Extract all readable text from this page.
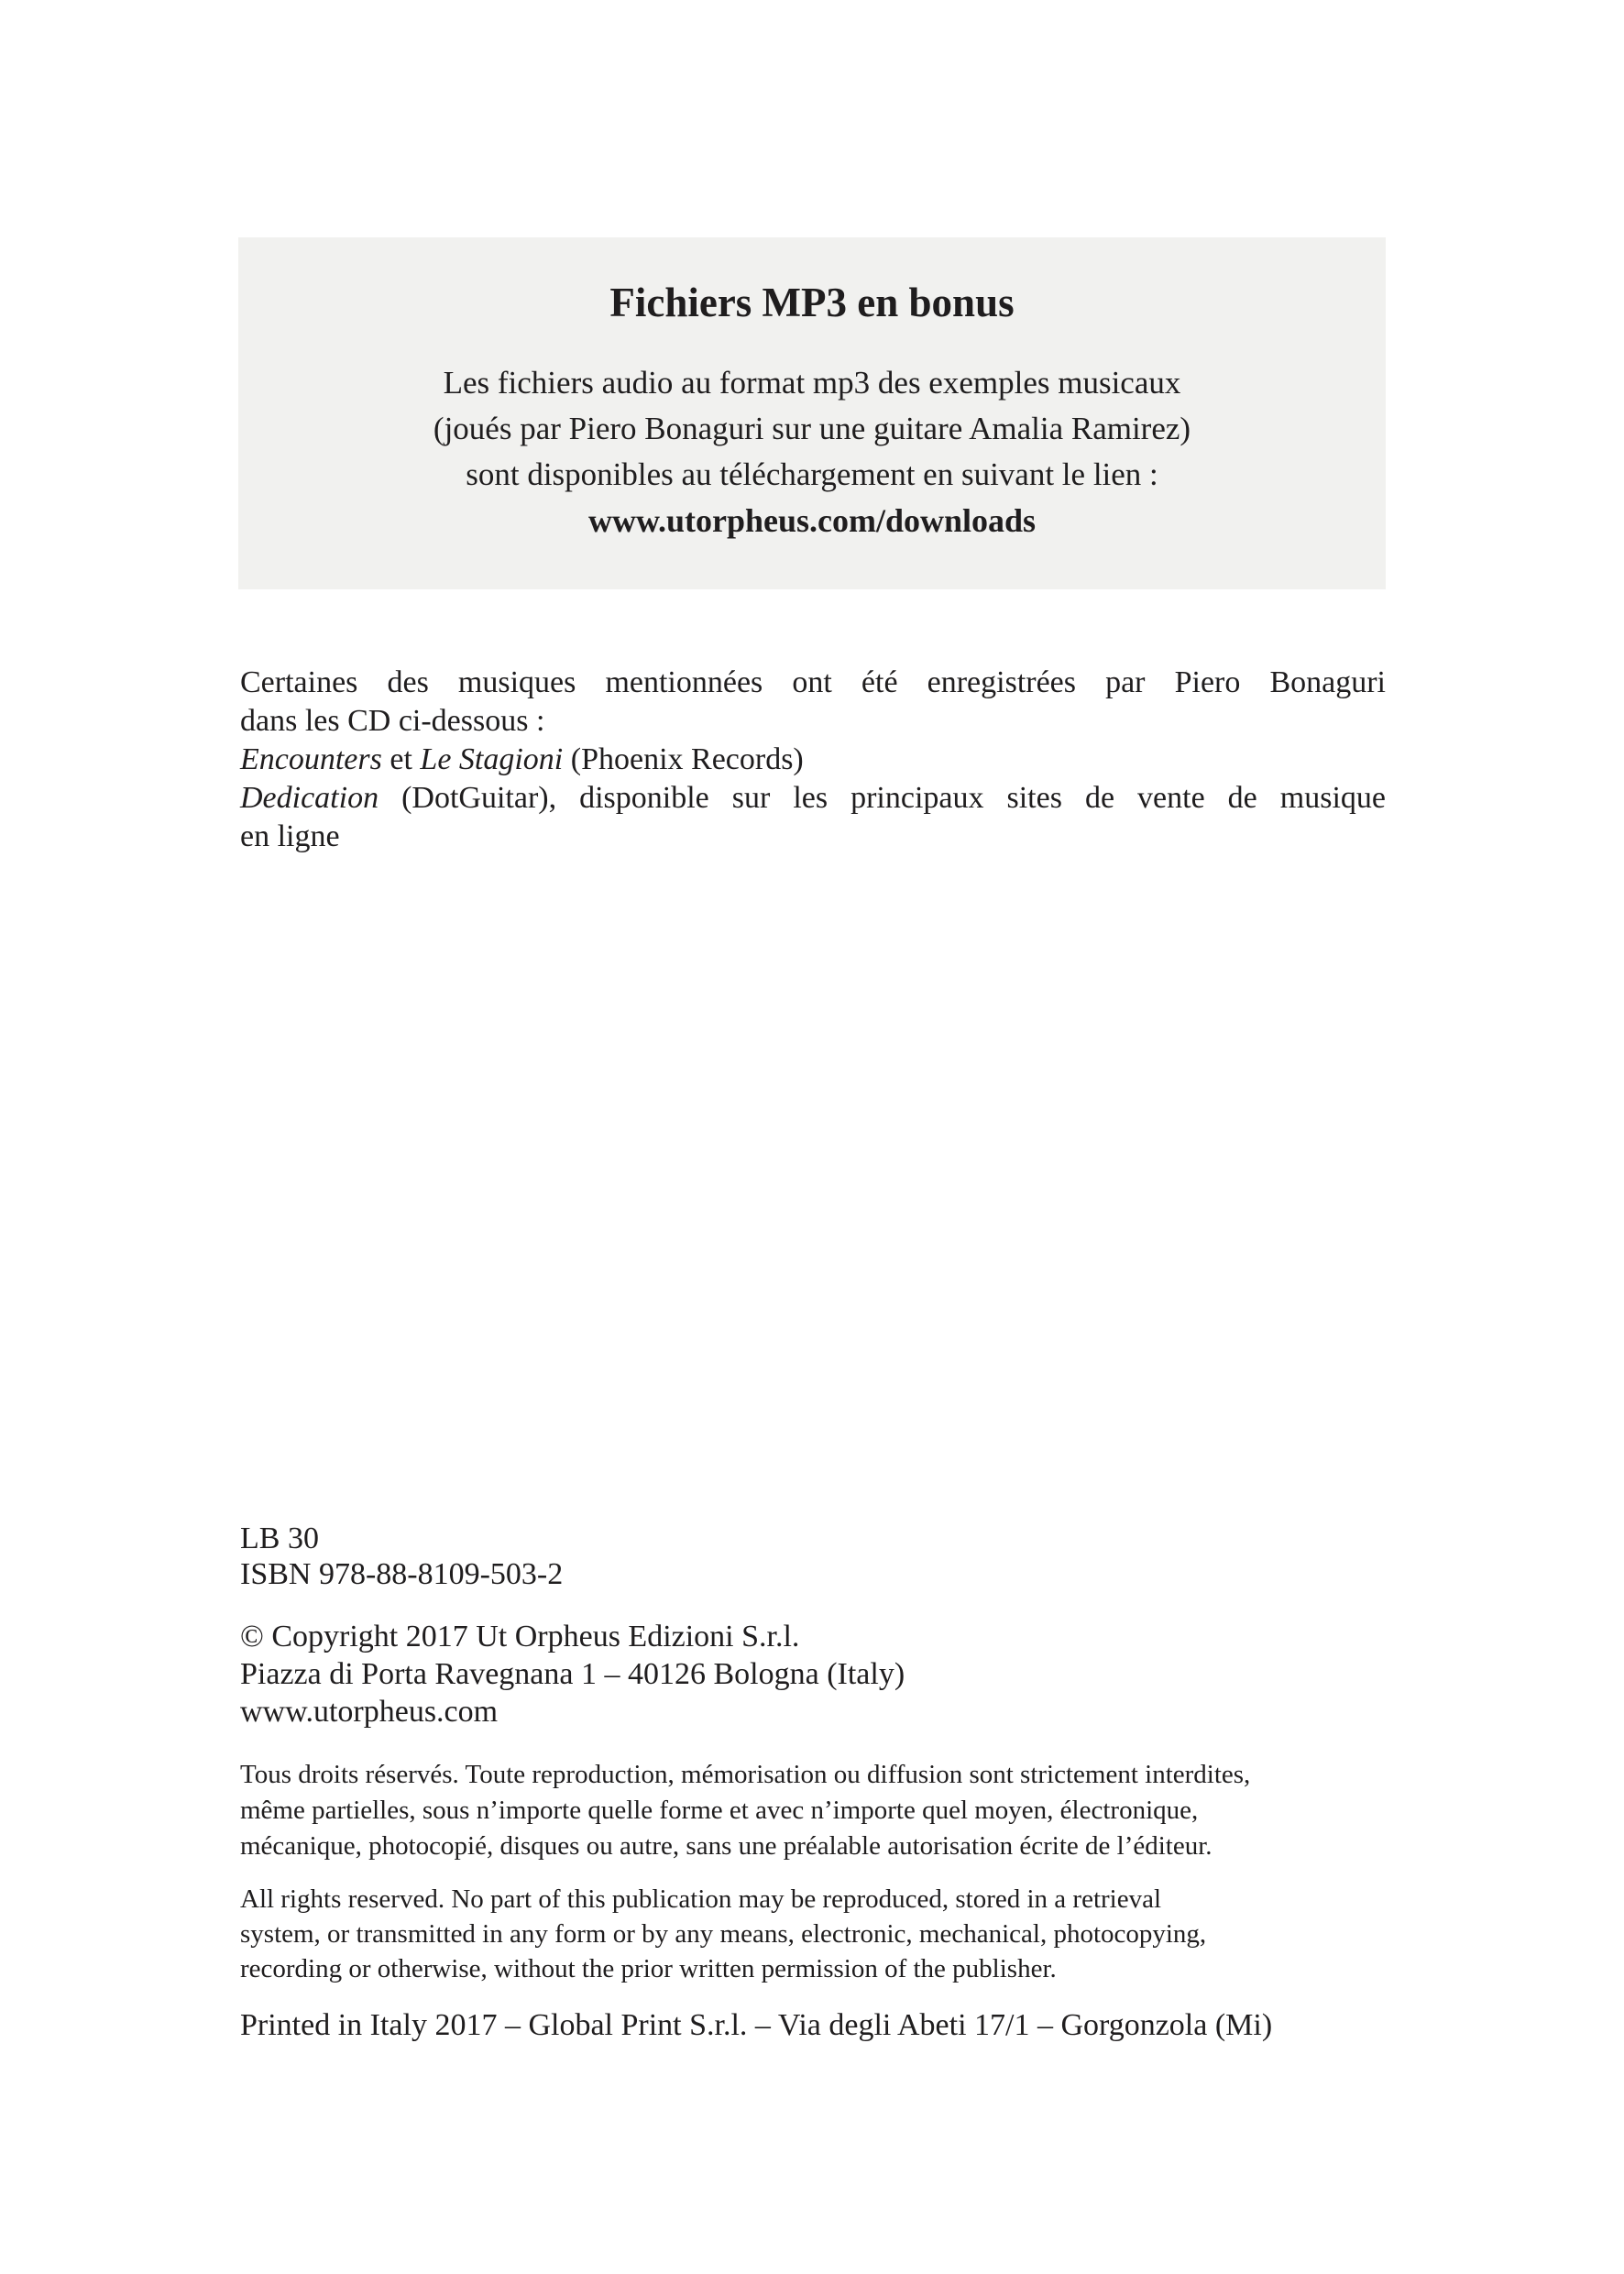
Fichiers MP3 en bonus
Les fichiers audio au format mp3 des exemples musicaux
(joués par Piero Bonaguri sur une guitare Amalia Ramirez)
sont disponibles au téléchargement en suivant le lien :
www.utorpheus.com/downloads
Certaines des musiques mentionnées ont été enregistrées par Piero Bonaguri
dans les CD ci-dessous :
Encounters et Le Stagioni (Phoenix Records)
Dedication (DotGuitar), disponible sur les principaux sites de vente de musique
en ligne
LB 30
ISBN 978-88-8109-503-2
© Copyright 2017 Ut Orpheus Edizioni S.r.l.
Piazza di Porta Ravegnana 1 – 40126 Bologna (Italy)
www.utorpheus.com
Tous droits réservés. Toute reproduction, mémorisation ou diffusion sont strictement interdites,
même partielles, sous n’importe quelle forme et avec n’importe quel moyen, électronique,
mécanique, photocopié, disques ou autre, sans une préalable autorisation écrite de l’éditeur.
All rights reserved. No part of this publication may be reproduced, stored in a retrieval
system, or transmitted in any form or by any means, electronic, mechanical, photocopying,
recording or otherwise, without the prior written permission of the publisher.
Printed in Italy 2017 – Global Print S.r.l. – Via degli Abeti 17/1 – Gorgonzola (Mi)
